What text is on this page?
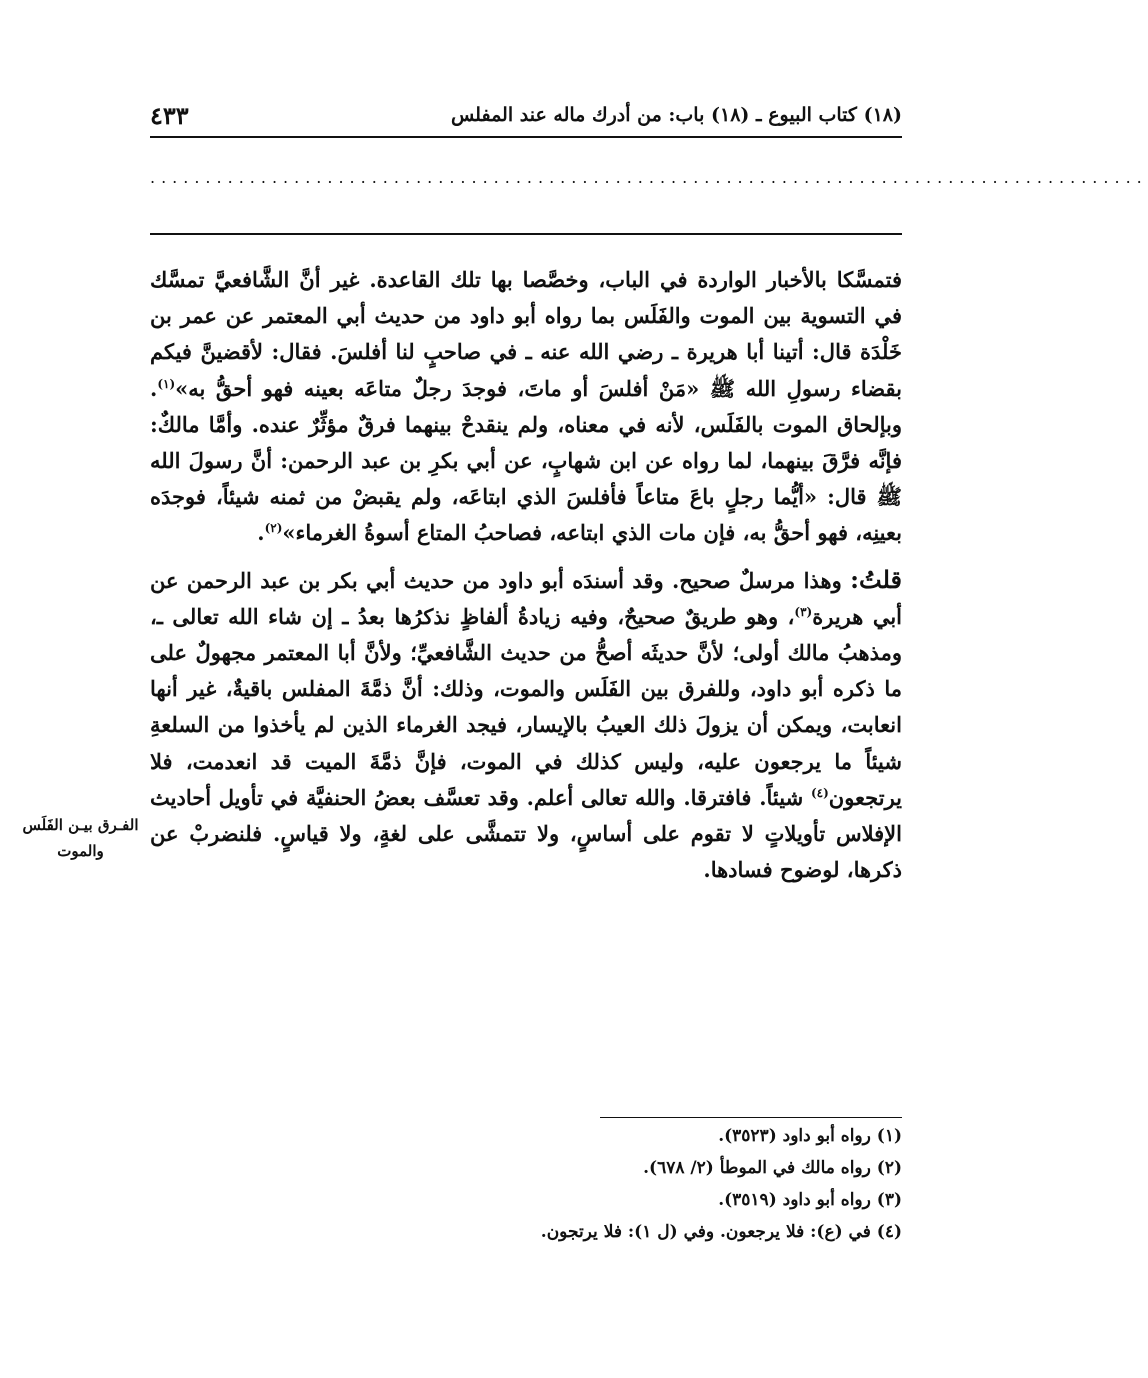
(١٨) كتاب البيوع ـ (١٨) باب: من أدرك ماله عند المفلس
٤٣٣
..........................................................................................

فتمسَّكا بالأخبار الواردة في الباب، وخصَّصا بها تلك القاعدة. غير أنَّ الشَّافعيَّ تمسَّك في التسوية بين الموت والفَلَس بما رواه أبو داود من حديث أبي المعتمر عن عمر بن خَلْدَة قال: أتينا أبا هريرة ـ رضي الله عنه ـ في صاحبٍ لنا أفلسَ. فقال: لأقضينَّ فيكم بقضاء رسولِ الله ﷺ «مَنْ أفلسَ أو ماتَ، فوجدَ رجلٌ متاعَه بعينه فهو أحقُّ به»$^{(١)}$. وبإلحاق الموت بالفَلَس، لأنه في معناه، ولم ينقدحْ بينهما فرقٌ مؤثِّرٌ عنده. وأمَّا مالكٌ: فإنَّه فرَّقَ بينهما، لما رواه عن ابن شهابٍ، عن أبي بكرِ بن عبد الرحمن: أنَّ رسولَ الله ﷺ قال: «أيُّما رجلٍ باعَ متاعاً فأفلسَ الذي ابتاعَه، ولم يقبضْ من ثمنه شيئاً، فوجدَه بعينِه، فهو أحقُّ به، فإن مات الذي ابتاعه، فصاحبُ المتاع أسوةُ الغرماء»$^{(٢)}$.

قلتُ: وهذا مرسلٌ صحيح. وقد أسندَه أبو داود من حديث أبي بكر بن عبد الرحمن عن أبي هريرة$^{(٣)}$، وهو طريقٌ صحيحٌ، وفيه زيادةُ ألفاظٍ نذكرُها بعدُ ـ إن شاء الله تعالى ـ، ومذهبُ مالك أولى؛ لأنَّ حديثَه أصحُّ من حديث الشَّافعيِّ؛ ولأنَّ أبا المعتمر مجهولٌ على ما ذكره أبو داود، وللفرق بين الفَلَس والموت، وذلك: أنَّ ذمَّةَ المفلس باقيةٌ، غير أنها انعابت، ويمكن أن يزولَ ذلك العيبُ بالإيسار، فيجد الغرماء الذين لم يأخذوا من السلعةِ شيئاً ما يرجعون عليه، وليس كذلك في الموت، فإنَّ ذمَّةَ الميت قد انعدمت، فلا يرتجعون$^{(٤)}$ شيئاً. فافترقا. والله تعالى أعلم. وقد تعسَّف بعضُ الحنفيَّة في تأويل أحاديث الإفلاس تأويلاتٍ لا تقوم على أساسٍ، ولا تتمشَّى على لغةٍ، ولا قياسٍ. فلنضربْ عن ذكرها، لوضوح فسادها.

الفـرق بيـن الفَلَس والموت
(١) رواه أبو داود (٣٥٢٣).
(٢) رواه مالك في الموطأ (٢/ ٦٧٨).
(٣) رواه أبو داود (٣٥١٩).
(٤) في (ع): فلا يرجعون. وفي (ل ١): فلا يرتجون.
